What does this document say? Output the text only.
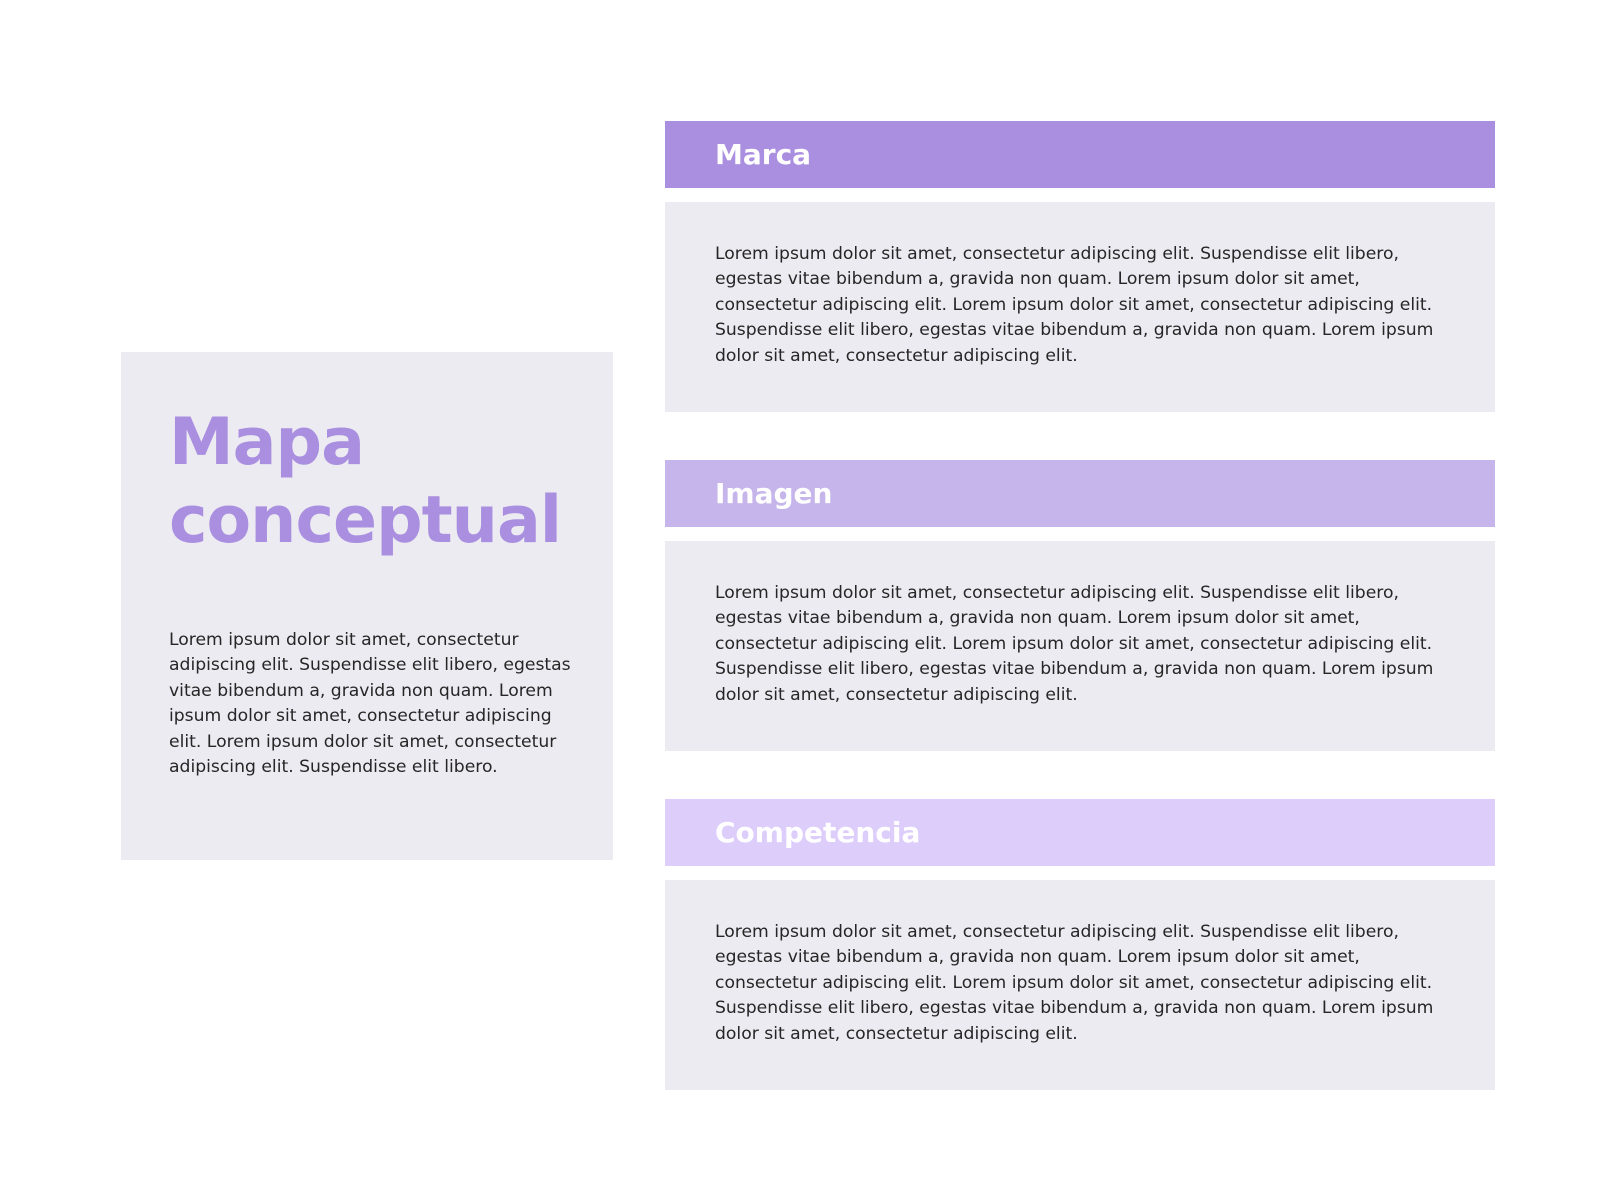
Mapa
conceptual

Lorem ipsum dolor sit amet, consectetur adipiscing elit. Suspendisse elit libero, egestas vitae bibendum a, gravida non quam. Lorem ipsum dolor sit amet, consectetur adipiscing elit. Lorem ipsum dolor sit amet, consectetur adipiscing elit. Suspendisse elit libero.

Marca

Lorem ipsum dolor sit amet, consectetur adipiscing elit. Suspendisse elit libero, egestas vitae bibendum a, gravida non quam. Lorem ipsum dolor sit amet, consectetur adipiscing elit. Lorem ipsum dolor sit amet, consectetur adipiscing elit. Suspendisse elit libero, egestas vitae bibendum a, gravida non quam. Lorem ipsum dolor sit amet, consectetur adipiscing elit.

Imagen

Lorem ipsum dolor sit amet, consectetur adipiscing elit. Suspendisse elit libero, egestas vitae bibendum a, gravida non quam. Lorem ipsum dolor sit amet, consectetur adipiscing elit. Lorem ipsum dolor sit amet, consectetur adipiscing elit. Suspendisse elit libero, egestas vitae bibendum a, gravida non quam. Lorem ipsum dolor sit amet, consectetur adipiscing elit.

Competencia

Lorem ipsum dolor sit amet, consectetur adipiscing elit. Suspendisse elit libero, egestas vitae bibendum a, gravida non quam. Lorem ipsum dolor sit amet, consectetur adipiscing elit. Lorem ipsum dolor sit amet, consectetur adipiscing elit. Suspendisse elit libero, egestas vitae bibendum a, gravida non quam. Lorem ipsum dolor sit amet, consectetur adipiscing elit.
